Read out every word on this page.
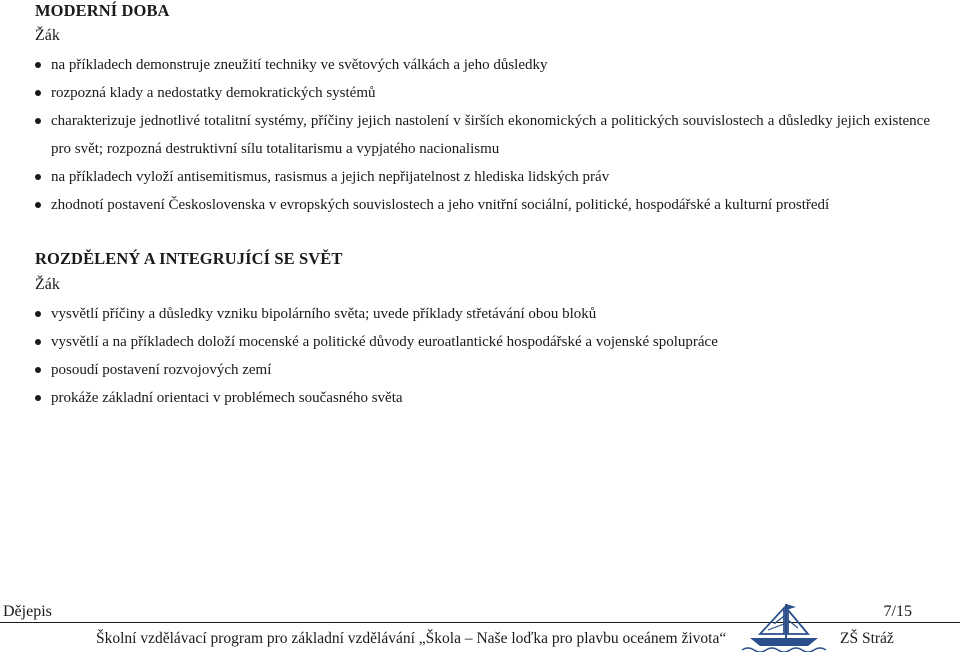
MODERNÍ DOBA
Žák
na příkladech demonstruje zneužití techniky ve světových válkách a jeho důsledky
rozpozná klady a nedostatky demokratických systémů
charakterizuje jednotlivé totalitní systémy, příčiny jejich nastolení v širších ekonomických a politických souvislostech a důsledky jejich existence pro svět; rozpozná destruktivní sílu totalitarismu a vypjatého nacionalismu
na příkladech vyloží antisemitismus, rasismus a jejich nepřijatelnost z hlediska lidských práv
zhodnotí postavení Československa v evropských souvislostech a jeho vnitřní sociální, politické, hospodářské a kulturní prostředí
ROZDĚLENÝ A INTEGRUJÍCÍ SE SVĚT
Žák
vysvětlí příčiny a důsledky vzniku bipolárního světa; uvede příklady střetávání obou bloků
vysvětlí a na příkladech doloží mocenské a politické důvody euroatlantické hospodářské a vojenské spolupráce
posoudí postavení rozvojových zemí
prokáže základní orientaci v problémech současného světa
Dějepis	7/15
Školní vzdělávací program pro základní vzdělávání „Škola – Naše loďka pro plavbu oceánem života“	ZŠ Stráž
